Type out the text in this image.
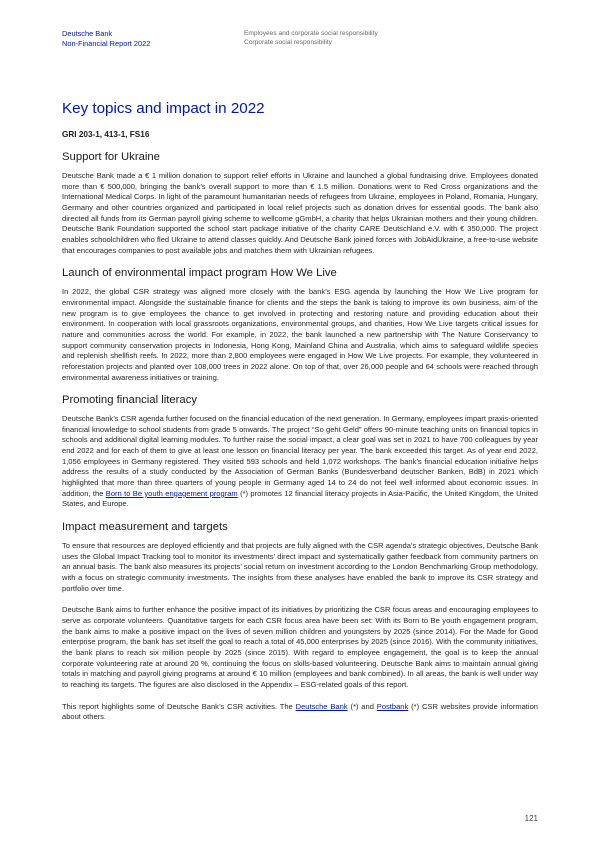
Deutsche Bank
Non-Financial Report 2022
Employees and corporate social responsibility
Corporate social responsibility
Key topics and impact in 2022
GRI 203-1, 413-1, FS16
Support for Ukraine

Deutsche Bank made a € 1 million donation to support relief efforts in Ukraine and launched a global fundraising drive. Employees donated more than € 500,000, bringing the bank’s overall support to more than € 1.5 million. Donations went to Red Cross organizations and the International Medical Corps. In light of the paramount humanitarian needs of refugees from Ukraine, employees in Poland, Romania, Hungary, Germany and other countries organized and participated in local relief projects such as donation drives for essential goods. The bank also directed all funds from its German payroll giving scheme to wellcome gGmbH, a charity that helps Ukrainian mothers and their young children. Deutsche Bank Foundation supported the school start package initiative of the charity CARE Deutschland e.V. with € 350,000. The project enables schoolchildren who fled Ukraine to attend classes quickly. And Deutsche Bank joined forces with JobAidUkraine, a free-to-use website that encourages companies to post available jobs and matches them with Ukrainian refugees.

Launch of environmental impact program How We Live

In 2022, the global CSR strategy was aligned more closely with the bank’s ESG agenda by launching the How We Live program for environmental impact. Alongside the sustainable finance for clients and the steps the bank is taking to improve its own business, aim of the new program is to give employees the chance to get involved in protecting and restoring nature and providing education about their environment. In cooperation with local grassroots organizations, environmental groups, and charities, How We Live targets critical issues for nature and communities across the world. For example, in 2022, the bank launched a new partnership with The Nature Conservancy to support community conservation projects in Indonesia, Hong Kong, Mainland China and Australia, which aims to safeguard wildlife species and replenish shellfish reefs. In 2022, more than 2,800 employees were engaged in How We Live projects. For example, they volunteered in reforestation projects and planted over 108,000 trees in 2022 alone. On top of that, over 26,000 people and 64 schools were reached through environmental awareness initiatives or training.

Promoting financial literacy

Deutsche Bank’s CSR agenda further focused on the financial education of the next generation. In Germany, employees impart praxis-oriented financial knowledge to school students from grade 5 onwards. The project “So geht Geld” offers 90-minute teaching units on financial topics in schools and additional digital learning modules. To further raise the social impact, a clear goal was set in 2021 to have 700 colleagues by year end 2022 and for each of them to give at least one lesson on financial literacy per year. The bank exceeded this target. As of year end 2022, 1,056 employees in Germany registered. They visited 593 schools and held 1,072 workshops. The bank’s financial education initiative helps address the results of a study conducted by the Association of German Banks (Bundesverband deutscher Banken, BdB) in 2021 which highlighted that more than three quarters of young people in Germany aged 14 to 24 do not feel well informed about economic issues. In addition, the Born to Be youth engagement program (*) promotes 12 financial literacy projects in Asia-Pacific, the United Kingdom, the United States, and Europe.

Impact measurement and targets

To ensure that resources are deployed efficiently and that projects are fully aligned with the CSR agenda’s strategic objectives, Deutsche Bank uses the Global Impact Tracking tool to monitor its investments’ direct impact and systematically gather feedback from community partners on an annual basis. The bank also measures its projects’ social return on investment according to the London Benchmarking Group methodology, with a focus on strategic community investments. The insights from these analyses have enabled the bank to improve its CSR strategy and portfolio over time.

Deutsche Bank aims to further enhance the positive impact of its initiatives by prioritizing the CSR focus areas and encouraging employees to serve as corporate volunteers. Quantitative targets for each CSR focus area have been set: With its Born to Be youth engagement program, the bank aims to make a positive impact on the lives of seven million children and youngsters by 2025 (since 2014). For the Made for Good enterprise program, the bank has set itself the goal to reach a total of 45,000 enterprises by 2025 (since 2016). With the community initiatives, the bank plans to reach six million people by 2025 (since 2015). With regard to employee engagement, the goal is to keep the annual corporate volunteering rate at around 20 %, continuing the focus on skills-based volunteering. Deutsche Bank aims to maintain annual giving totals in matching and payroll giving programs at around € 10 million (employees and bank combined). In all areas, the bank is well under way to reaching its targets. The figures are also disclosed in the Appendix – ESG-related goals of this report.

This report highlights some of Deutsche Bank’s CSR activities. The Deutsche Bank (*) and Postbank (*) CSR websites provide information about others.

121
